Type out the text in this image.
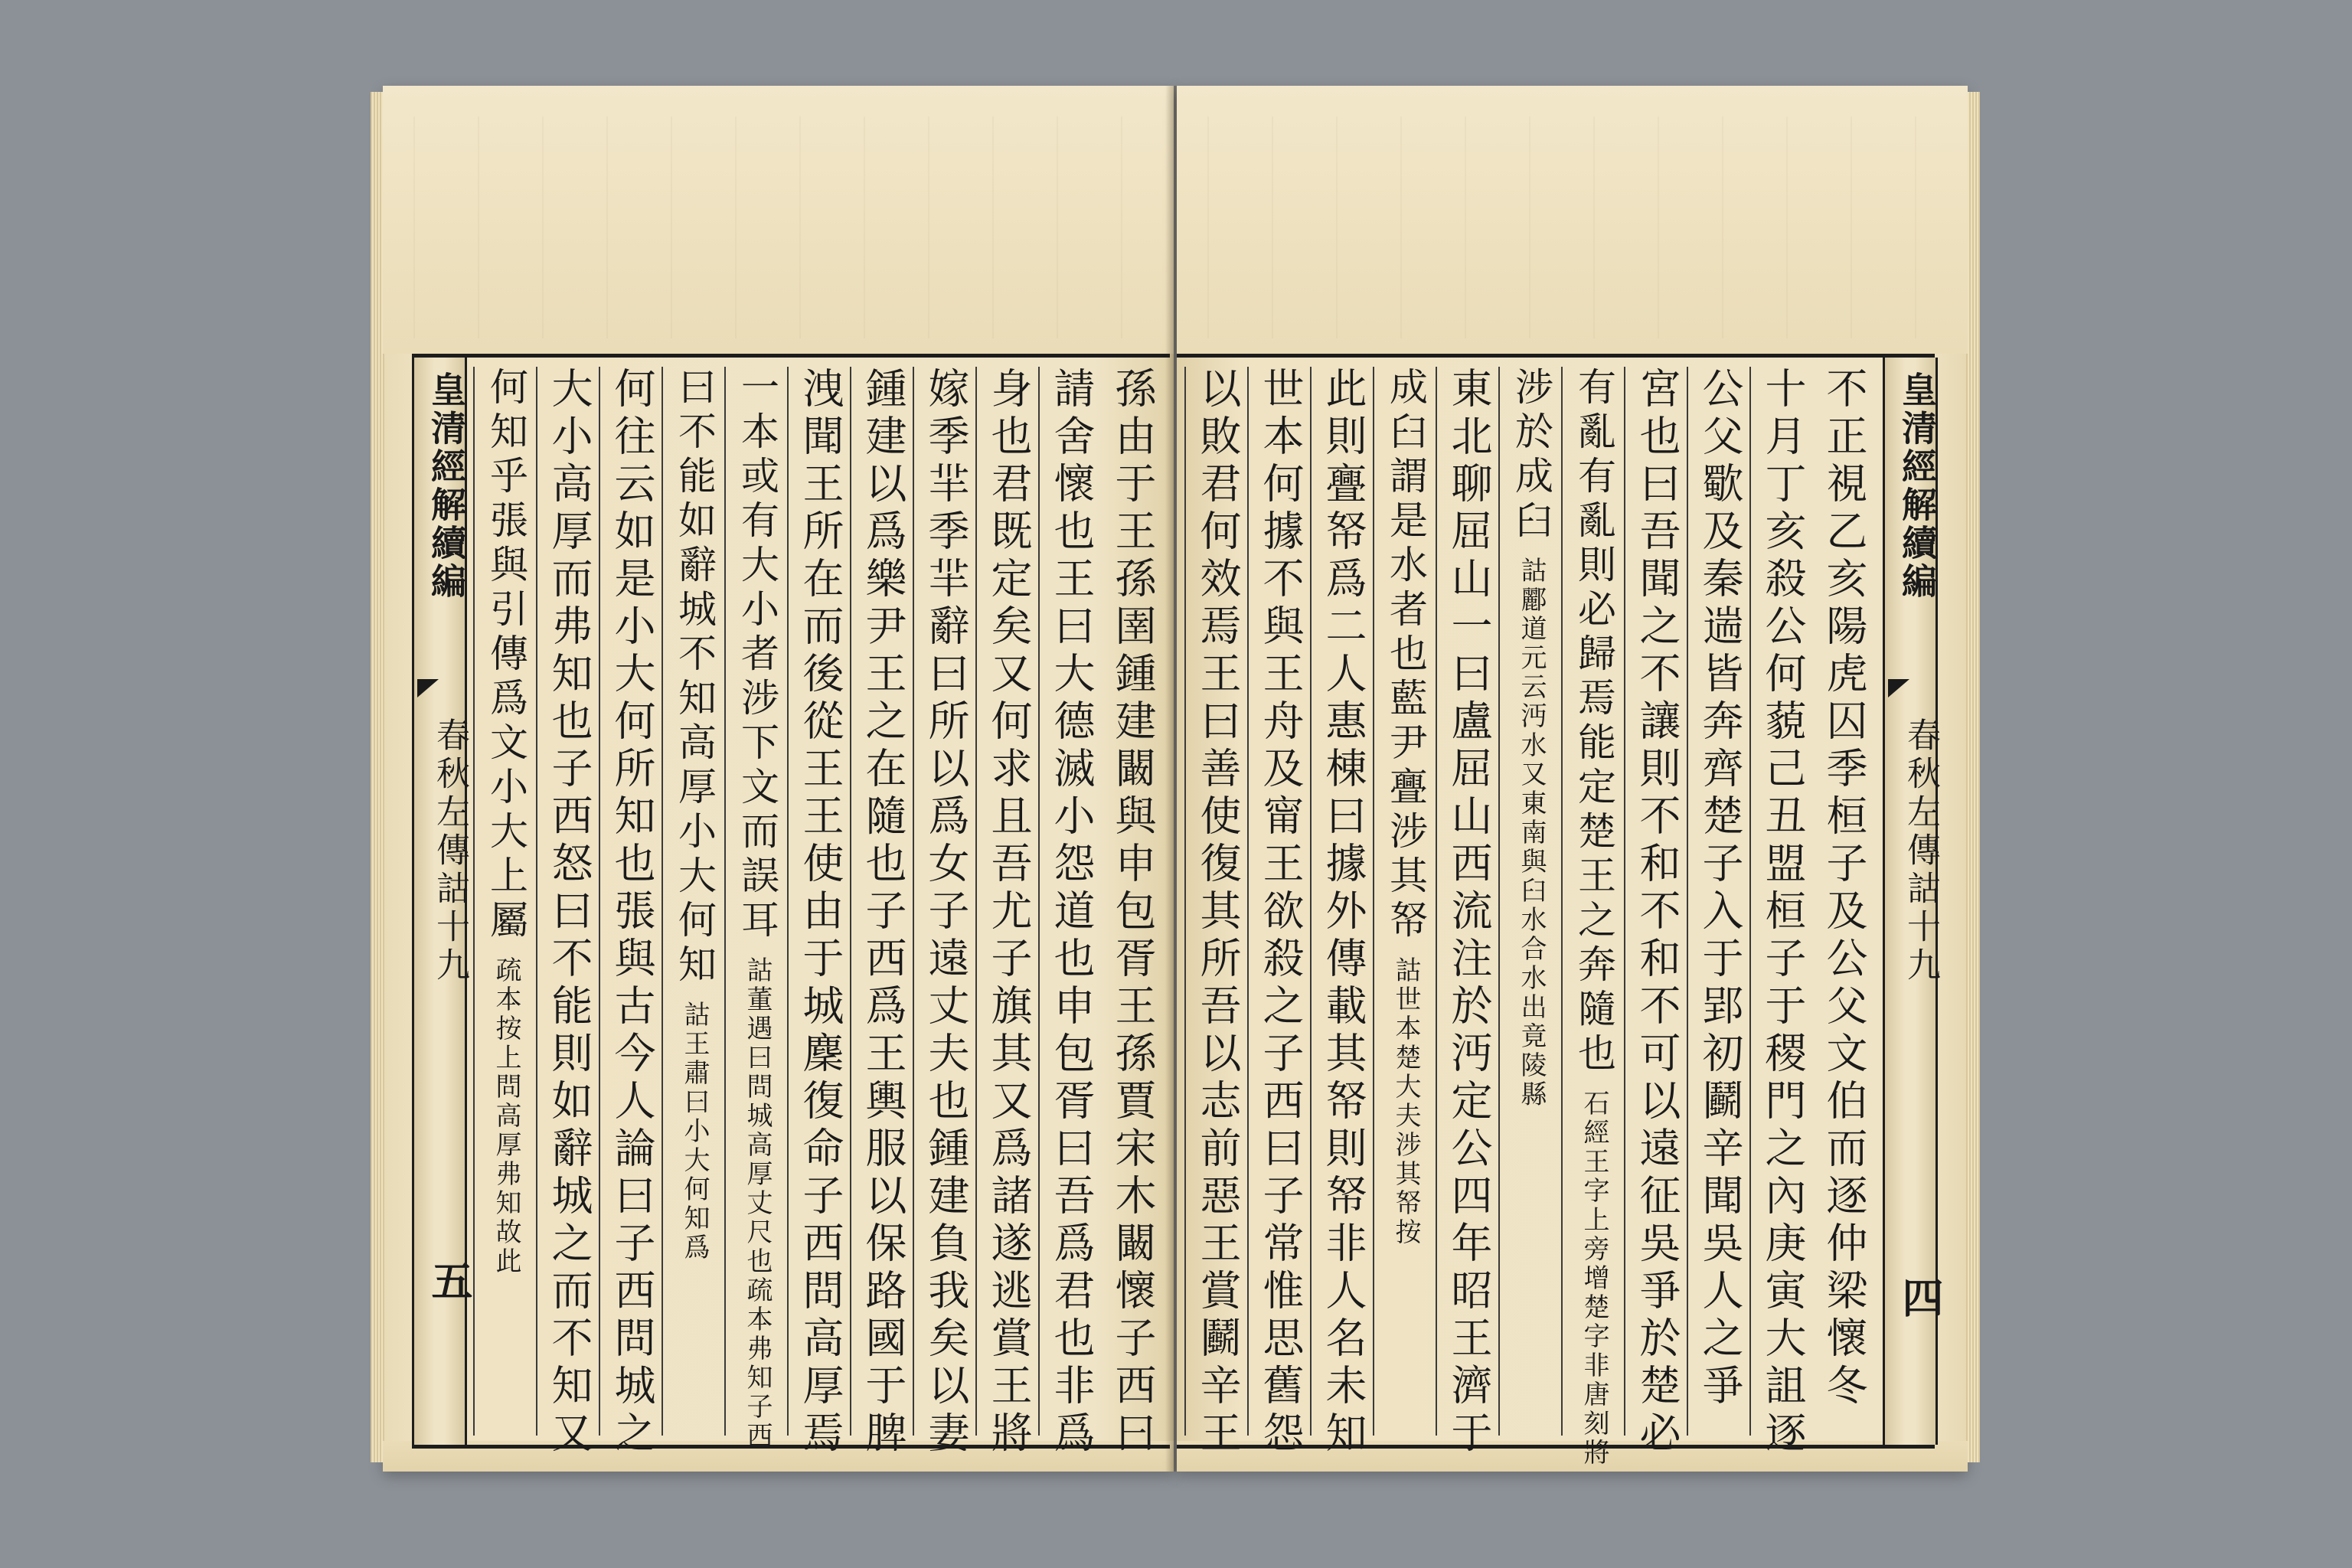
皇清經解續編
春秋左傳詁十九
五	孫由于王孫圉鍾建闞與申包胥王孫賈宋木闞懷子西曰
請舍懷也王曰大德滅小怨道也申包胥曰吾爲君也非爲
身也君既定矣又何求且吾尤子旗其又爲諸遂逃賞王將
嫁季羋季羋辭曰所以爲女子遠丈夫也鍾建負我矣以妻
鍾建以爲樂尹王之在隨也子西爲王輿服以保路國于脾
洩聞王所在而後從王王使由于城麇復命子西問高厚焉
一本或有大小者涉下文而誤耳
詁董遇曰問城高厚丈尺也疏本弗知子西
曰不能如辭城不知高厚小大何知
詁王肅曰小大何知爲
何往云如是小大何所知也張與古今人論曰子西問城之
大小高厚而弗知也子西怒曰不能則如辭城之而不知又
何知乎張與引傳爲文小大上屬
疏本按上問高厚弗知故此
皇清經解續編
春秋左傳詁十九
四
不正視乙亥陽虎囚季桓子及公父文伯而逐仲梁懷冬
十月丁亥殺公何藐己丑盟桓子于稷門之內庚寅大詛逐
公父歜及秦遄皆奔齊楚子入于郢初鬬辛聞吳人之爭
宮也曰吾聞之不讓則不和不和不可以遠征吳爭於楚必
有亂有亂則必歸焉能定楚王之奔隨也
石經王字上旁增楚字非唐刻將
涉於成臼
詁酈道元云沔水又東南與臼水合水出竟陵縣
東北聊屈山一曰盧屈山西流注於沔定公四年昭王濟于
成臼謂是水者也藍尹亹涉其帑
詁世本楚大夫涉其帑按
此則亹帑爲二人惠棟曰據外傳載其帑則帑非人名未知
世本何據不與王舟及甯王欲殺之子西曰子常惟思舊怨
以敗君何效焉王曰善使復其所吾以志前惡王賞鬬辛王
